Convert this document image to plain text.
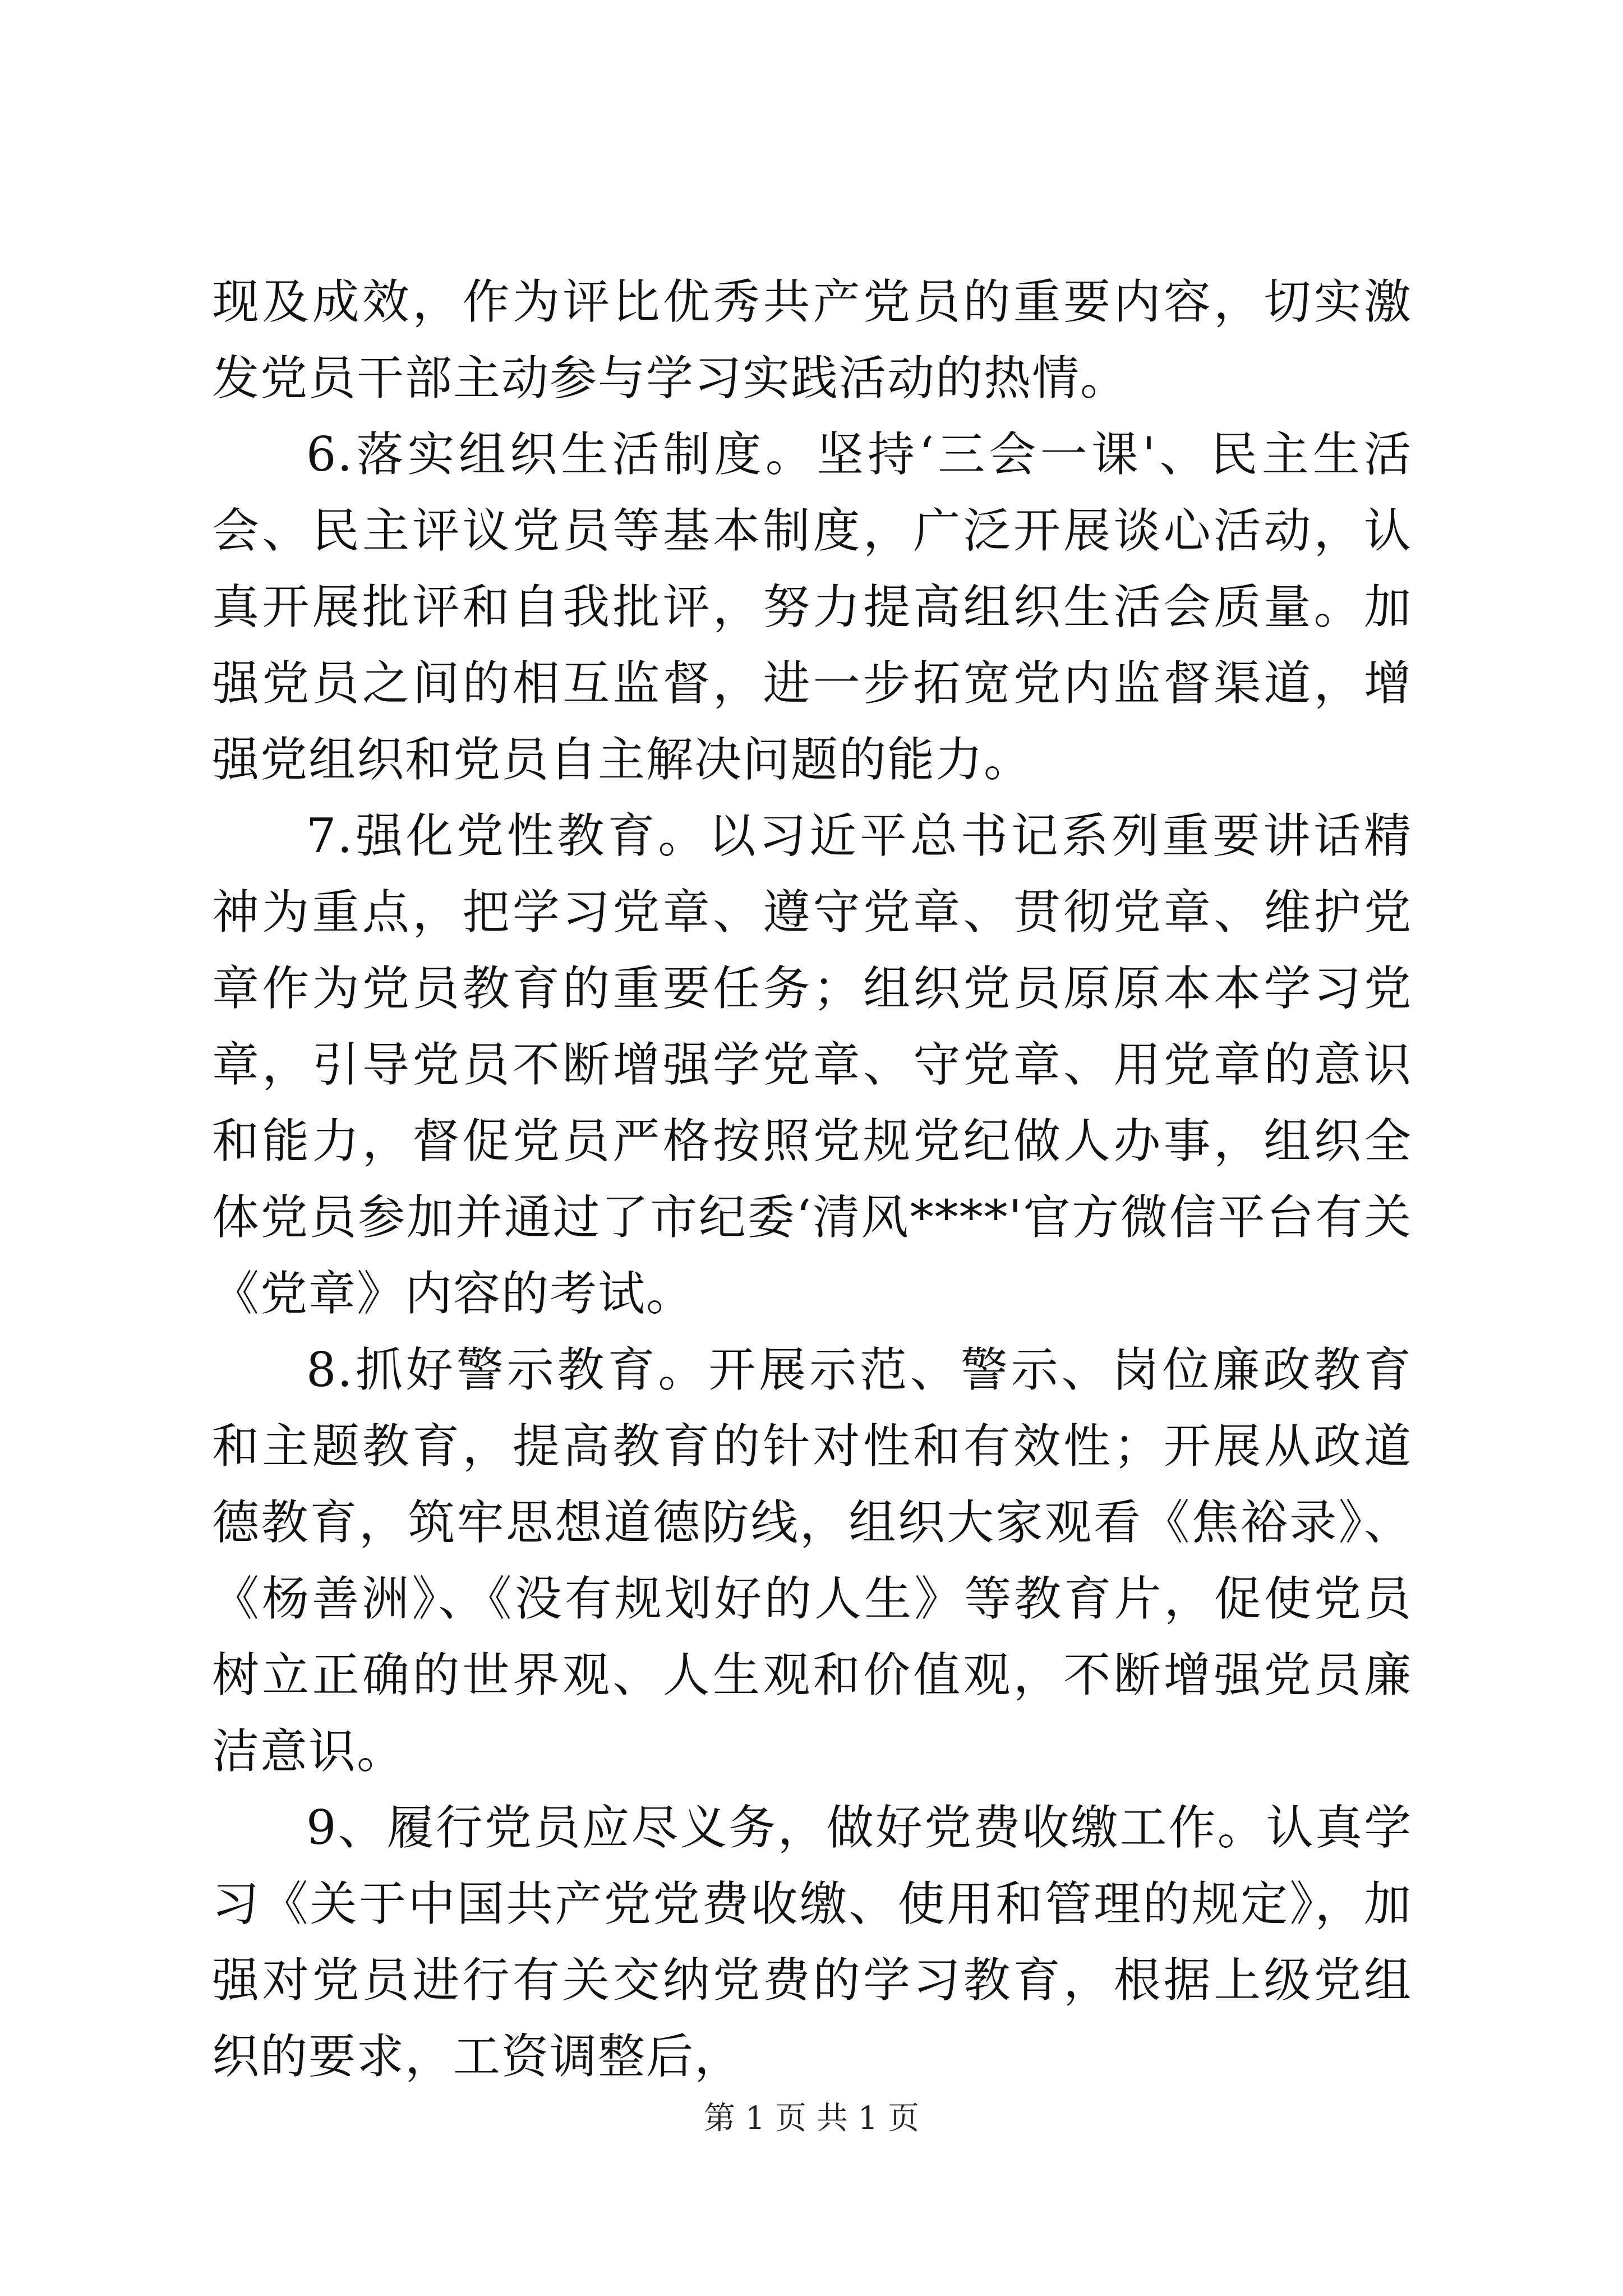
现及成效，作为评比优秀共产党员的重要内容，切实激发党员干部主动参与学习实践活动的热情。

6.落实组织生活制度。坚持‘三会一课'、民主生活会、民主评议党员等基本制度，广泛开展谈心活动，认真开展批评和自我批评，努力提高组织生活会质量。加强党员之间的相互监督，进一步拓宽党内监督渠道，增强党组织和党员自主解决问题的能力。

7.强化党性教育。以习近平总书记系列重要讲话精神为重点，把学习党章、遵守党章、贯彻党章、维护党章作为党员教育的重要任务；组织党员原原本本学习党章，引导党员不断增强学党章、守党章、用党章的意识和能力，督促党员严格按照党规党纪做人办事，组织全体党员参加并通过了市纪委‘清风****'官方微信平台有关《党章》内容的考试。

8.抓好警示教育。开展示范、警示、岗位廉政教育和主题教育，提高教育的针对性和有效性；开展从政道德教育，筑牢思想道德防线，组织大家观看《焦裕录》、《杨善洲》、《没有规划好的人生》等教育片，促使党员树立正确的世界观、人生观和价值观，不断增强党员廉洁意识。

9、履行党员应尽义务，做好党费收缴工作。认真学习《关于中国共产党党费收缴、使用和管理的规定》，加强对党员进行有关交纳党费的学习教育，根据上级党组织的要求，工资调整后，

第 1 页 共 1 页
